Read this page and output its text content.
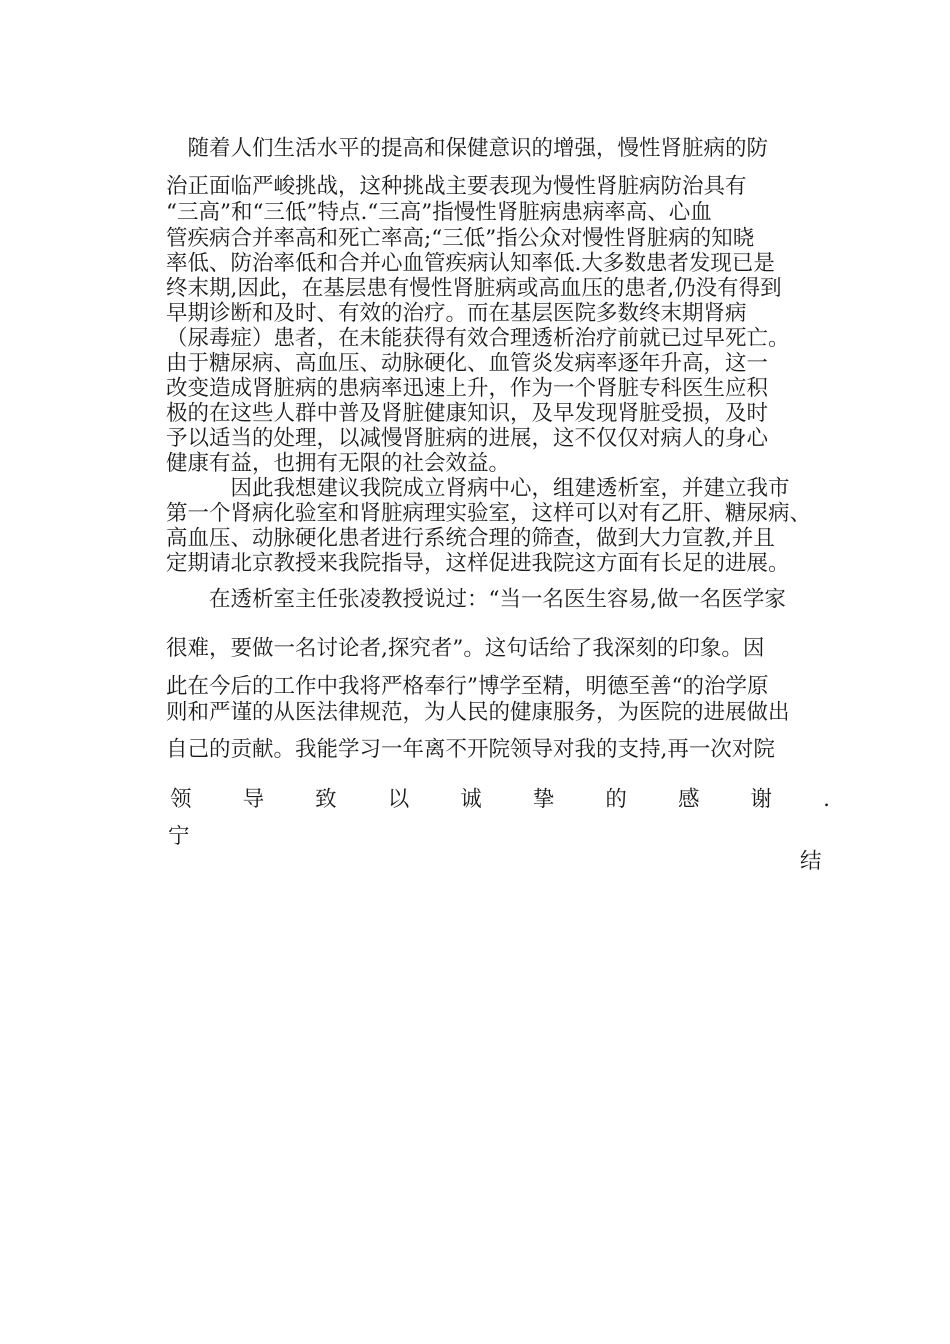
　随着人们生活水平的提高和保健意识的增强，慢性肾脏病的防
治正面临严峻挑战，这种挑战主要表现为慢性肾脏病防治具有
“三高”和“三低”特点.“三高”指慢性肾脏病患病率高、心血
管疾病合并率高和死亡率高;“三低”指公众对慢性肾脏病的知晓
率低、防治率低和合并心血管疾病认知率低.大多数患者发现已是
终末期,因此，在基层患有慢性肾脏病或高血压的患者,仍没有得到
早期诊断和及时、有效的治疗。而在基层医院多数终末期肾病
（尿毒症）患者，在未能获得有效合理透析治疗前就已过早死亡。
由于糖尿病、高血压、动脉硬化、血管炎发病率逐年升高，这一
改变造成肾脏病的患病率迅速上升，作为一个肾脏专科医生应积
极的在这些人群中普及肾脏健康知识，及早发现肾脏受损，及时
予以适当的处理，以减慢肾脏病的进展，这不仅仅对病人的身心
健康有益，也拥有无限的社会效益。
　　　因此我想建议我院成立肾病中心，组建透析室，并建立我市
第一个肾病化验室和肾脏病理实验室，这样可以对有乙肝、糖尿病、
高血压、动脉硬化患者进行系统合理的筛查，做到大力宣教,并且
定期请北京教授来我院指导，这样促进我院这方面有长足的进展。
　　在透析室主任张凌教授说过：“当一名医生容易,做一名医学家
很难，要做一名讨论者,探究者”。这句话给了我深刻的印象。因
此在今后的工作中我将严格奉行”博学至精，明德至善“的治学原
则和严谨的从医法律规范，为人民的健康服务，为医院的进展做出
自己的贡献。我能学习一年离不开院领导对我的支持,再一次对院
领 导 致 以 诚 挚 的 感 谢 .
宁
结
